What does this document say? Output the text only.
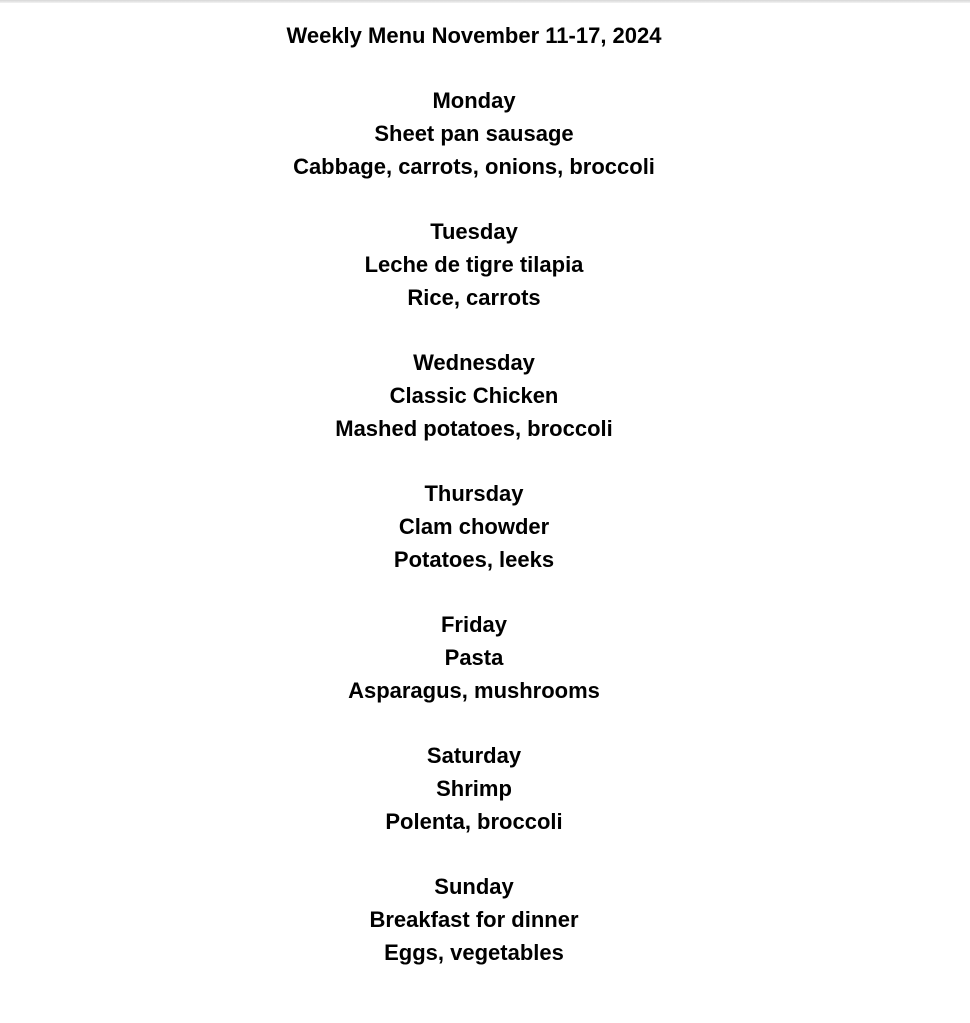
Weekly Menu November 11-17, 2024
Monday
Sheet pan sausage
Cabbage, carrots, onions, broccoli
Tuesday
Leche de tigre tilapia
Rice, carrots
Wednesday
Classic Chicken
Mashed potatoes, broccoli
Thursday
Clam chowder
Potatoes, leeks
Friday
Pasta
Asparagus, mushrooms
Saturday
Shrimp
Polenta, broccoli
Sunday
Breakfast for dinner
Eggs, vegetables
